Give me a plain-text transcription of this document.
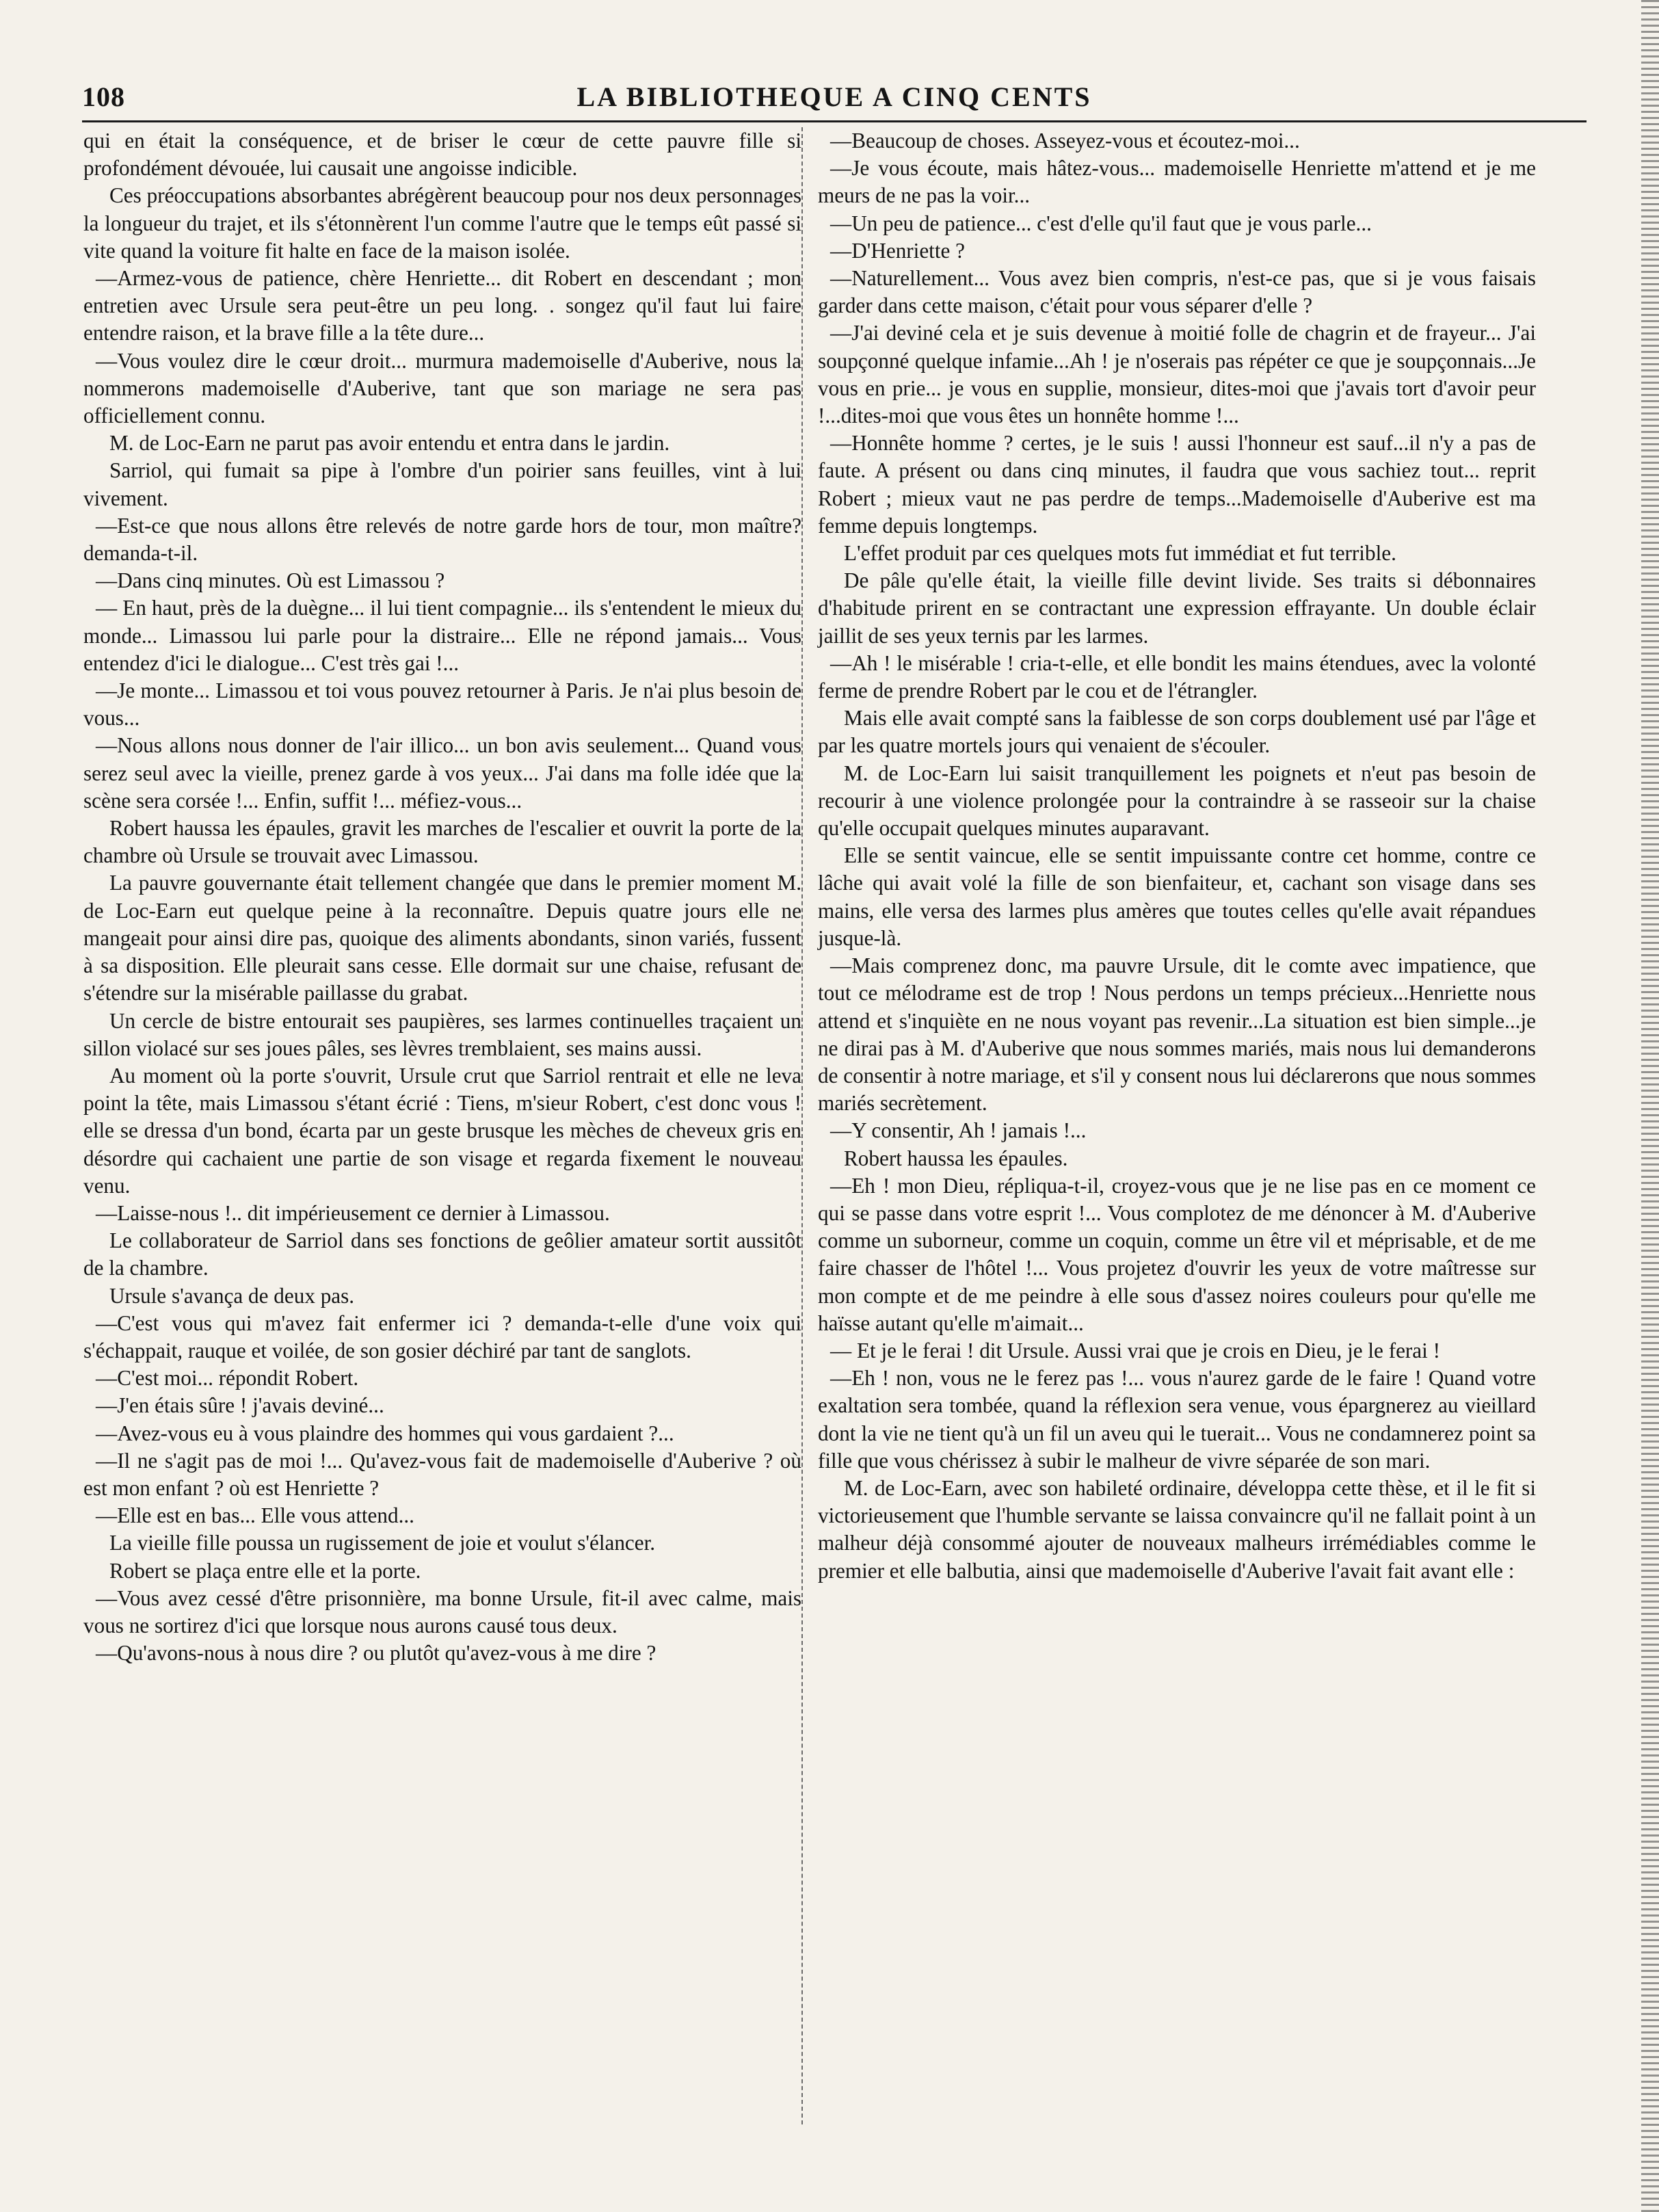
108	LA BIBLIOTHEQUE A CINQ CENTS

qui en était la conséquence, et de briser le cœur de cette pauvre fille si profondément dévouée, lui causait une angoisse indicible.

Ces préoccupations absorbantes abrégèrent beaucoup pour nos deux personnages la longueur du trajet, et ils s'étonnèrent l'un comme l'autre que le temps eût passé si vite quand la voiture fit halte en face de la maison isolée.

—Armez-vous de patience, chère Henriette... dit Robert en descendant ; mon entretien avec Ursule sera peut-être un peu long. . songez qu'il faut lui faire entendre raison, et la brave fille a la tête dure...

—Vous voulez dire le cœur droit... murmura mademoiselle d'Auberive, nous la nommerons mademoiselle d'Auberive, tant que son mariage ne sera pas officiellement connu.

M. de Loc-Earn ne parut pas avoir entendu et entra dans le jardin.

Sarriol, qui fumait sa pipe à l'ombre d'un poirier sans feuilles, vint à lui vivement.

—Est-ce que nous allons être relevés de notre garde hors de tour, mon maître? demanda-t-il.

—Dans cinq minutes. Où est Limassou ?

— En haut, près de la duègne... il lui tient compagnie... ils s'entendent le mieux du monde... Limassou lui parle pour la distraire... Elle ne répond jamais... Vous entendez d'ici le dialogue... C'est très gai !...

—Je monte... Limassou et toi vous pouvez retourner à Paris. Je n'ai plus besoin de vous...

—Nous allons nous donner de l'air illico... un bon avis seulement... Quand vous serez seul avec la vieille, prenez garde à vos yeux... J'ai dans ma folle idée que la scène sera corsée !... Enfin, suffit !... méfiez-vous...

Robert haussa les épaules, gravit les marches de l'escalier et ouvrit la porte de la chambre où Ursule se trouvait avec Limassou.

La pauvre gouvernante était tellement changée que dans le premier moment M. de Loc-Earn eut quelque peine à la reconnaître. Depuis quatre jours elle ne mangeait pour ainsi dire pas, quoique des aliments abondants, sinon variés, fussent à sa disposition. Elle pleurait sans cesse. Elle dormait sur une chaise, refusant de s'étendre sur la misérable paillasse du grabat.

Un cercle de bistre entourait ses paupières, ses larmes continuelles traçaient un sillon violacé sur ses joues pâles, ses lèvres tremblaient, ses mains aussi.

Au moment où la porte s'ouvrit, Ursule crut que Sarriol rentrait et elle ne leva point la tête, mais Limassou s'étant écrié : Tiens, m'sieur Robert, c'est donc vous ! elle se dressa d'un bond, écarta par un geste brusque les mèches de cheveux gris en désordre qui cachaient une partie de son visage et regarda fixement le nouveau venu.

—Laisse-nous !.. dit impérieusement ce dernier à Limassou.

Le collaborateur de Sarriol dans ses fonctions de geôlier amateur sortit aussitôt de la chambre.

Ursule s'avança de deux pas.

—C'est vous qui m'avez fait enfermer ici ? demanda-t-elle d'une voix qui s'échappait, rauque et voilée, de son gosier déchiré par tant de sanglots.

—C'est moi... répondit Robert.

—J'en étais sûre ! j'avais deviné...

—Avez-vous eu à vous plaindre des hommes qui vous gardaient ?...

—Il ne s'agit pas de moi !... Qu'avez-vous fait de mademoiselle d'Auberive ? où est mon enfant ? où est Henriette ?

—Elle est en bas... Elle vous attend...

La vieille fille poussa un rugissement de joie et voulut s'élancer.

Robert se plaça entre elle et la porte.

—Vous avez cessé d'être prisonnière, ma bonne Ursule, fit-il avec calme, mais vous ne sortirez d'ici que lorsque nous aurons causé tous deux.

—Qu'avons-nous à nous dire ? ou plutôt qu'avez-vous à me dire ?

—Beaucoup de choses. Asseyez-vous et écoutez-moi...

—Je vous écoute, mais hâtez-vous... mademoiselle Henriette m'attend et je me meurs de ne pas la voir...

—Un peu de patience... c'est d'elle qu'il faut que je vous parle...

—D'Henriette ?

—Naturellement... Vous avez bien compris, n'est-ce pas, que si je vous faisais garder dans cette maison, c'était pour vous séparer d'elle ?

—J'ai deviné cela et je suis devenue à moitié folle de chagrin et de frayeur... J'ai soupçonné quelque infamie...Ah ! je n'oserais pas répéter ce que je soupçonnais...Je vous en prie... je vous en supplie, monsieur, dites-moi que j'avais tort d'avoir peur !...dites-moi que vous êtes un honnête homme !...

—Honnête homme ? certes, je le suis ! aussi l'honneur est sauf...il n'y a pas de faute. A présent ou dans cinq minutes, il faudra que vous sachiez tout... reprit Robert ; mieux vaut ne pas perdre de temps...Mademoiselle d'Auberive est ma femme depuis longtemps.

L'effet produit par ces quelques mots fut immédiat et fut terrible.

De pâle qu'elle était, la vieille fille devint livide. Ses traits si débonnaires d'habitude prirent en se contractant une expression effrayante. Un double éclair jaillit de ses yeux ternis par les larmes.

—Ah ! le misérable ! cria-t-elle, et elle bondit les mains étendues, avec la volonté ferme de prendre Robert par le cou et de l'étrangler.

Mais elle avait compté sans la faiblesse de son corps doublement usé par l'âge et par les quatre mortels jours qui venaient de s'écouler.

M. de Loc-Earn lui saisit tranquillement les poignets et n'eut pas besoin de recourir à une violence prolongée pour la contraindre à se rasseoir sur la chaise qu'elle occupait quelques minutes auparavant.

Elle se sentit vaincue, elle se sentit impuissante contre cet homme, contre ce lâche qui avait volé la fille de son bienfaiteur, et, cachant son visage dans ses mains, elle versa des larmes plus amères que toutes celles qu'elle avait répandues jusque-là.

—Mais comprenez donc, ma pauvre Ursule, dit le comte avec impatience, que tout ce mélodrame est de trop ! Nous perdons un temps précieux...Henriette nous attend et s'inquiète en ne nous voyant pas revenir...La situation est bien simple...je ne dirai pas à M. d'Auberive que nous sommes mariés, mais nous lui demanderons de consentir à notre mariage, et s'il y consent nous lui déclarerons que nous sommes mariés secrètement.

—Y consentir, Ah ! jamais !...

Robert haussa les épaules.

—Eh ! mon Dieu, répliqua-t-il, croyez-vous que je ne lise pas en ce moment ce qui se passe dans votre esprit !... Vous complotez de me dénoncer à M. d'Auberive comme un suborneur, comme un coquin, comme un être vil et méprisable, et de me faire chasser de l'hôtel !... Vous projetez d'ouvrir les yeux de votre maîtresse sur mon compte et de me peindre à elle sous d'assez noires couleurs pour qu'elle me haïsse autant qu'elle m'aimait...

— Et je le ferai ! dit Ursule. Aussi vrai que je crois en Dieu, je le ferai !

—Eh ! non, vous ne le ferez pas !... vous n'aurez garde de le faire ! Quand votre exaltation sera tombée, quand la réflexion sera venue, vous épargnerez au vieillard dont la vie ne tient qu'à un fil un aveu qui le tuerait... Vous ne condamnerez point sa fille que vous chérissez à subir le malheur de vivre séparée de son mari.

M. de Loc-Earn, avec son habileté ordinaire, développa cette thèse, et il le fit si victorieusement que l'humble servante se laissa convaincre qu'il ne fallait point à un malheur déjà consommé ajouter de nouveaux malheurs irrémédiables comme le premier et elle balbutia, ainsi que mademoiselle d'Auberive l'avait fait avant elle :
